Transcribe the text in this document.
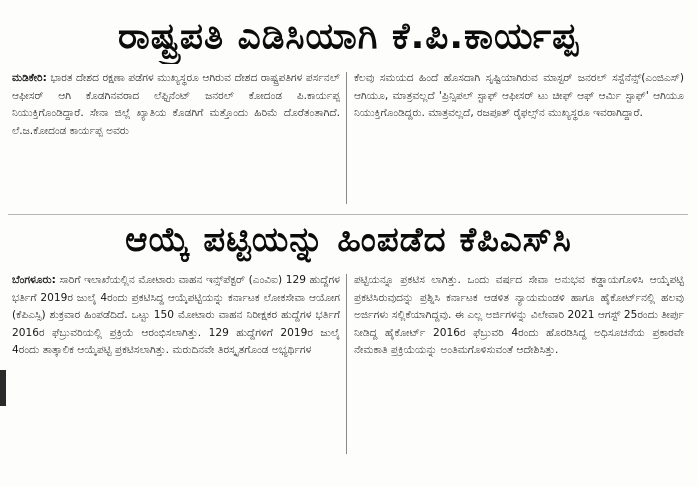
ರಾಷ್ಟ್ರಪತಿ ಎಡಿಸಿಯಾಗಿ ಕೆ.ಪಿ.ಕಾರ್ಯಪ್ಪ

ಮಡಿಕೇರಿ: ಭಾರತ ದೇಶದ ರಕ್ಷಣಾ ಪಡೆಗಳ ಮುಖ್ಯಸ್ಥರೂ ಆಗಿರುವ ದೇಶದ ರಾಷ್ಟ್ರಪತಿಗಳ ಪರ್ಸನಲ್ ಆಫೀಸರ್ ಆಗಿ ಕೊಡಗಿನವರಾದ ಲೆಫ್ಟಿನೆಂಟ್ ಜನರಲ್ ಕೋದಂಡ ಪಿ.ಕಾರ್ಯಪ್ಪ ನಿಯುಕ್ತಿಗೊಂಡಿದ್ದಾರೆ. ಸೇನಾ ಜಿಲ್ಲೆ ಖ್ಯಾತಿಯ ಕೊಡಗಿಗೆ ಮತ್ತೊಂದು ಹಿರಿಮೆ ದೊರೆತಂತಾಗಿದೆ. ಲೆ.ಜ.ಕೋದಂಡ ಕಾರ್ಯಪ್ಪ ಅವರು

ಕೆಲವು ಸಮಯದ ಹಿಂದೆ ಹೊಸದಾಗಿ ಸೃಷ್ಟಿಯಾಗಿರುವ ಮಾಸ್ಟರ್ ಜನರಲ್ ಸಸ್ಟೆನೆನ್ಸ್(ಎಂಜಿಎಸ್) ಆಗಿಯೂ, ಮಾತ್ರವಲ್ಲದೆ 'ಪ್ರಿನ್ಸಿಪಲ್ ಸ್ಟಾಫ್ ಆಫೀಸರ್ ಟು ಚೀಫ್ ಆಫ್ ಆರ್ಮಿ ಸ್ಟಾಫ್' ಆಗಿಯೂ ನಿಯುಕ್ತಿಗೊಂಡಿದ್ದರು. ಮಾತ್ರವಲ್ಲದೆ, ರಜಪೂತ್ ರೈಫಲ್ಸ್‌ನ ಮುಖ್ಯಸ್ಥರೂ ಇವರಾಗಿದ್ದಾರೆ.

ಆಯ್ಕೆ ಪಟ್ಟಿಯನ್ನು ಹಿಂಪಡೆದ ಕೆಪಿಎಸ್‌ಸಿ

ಬೆಂಗಳೂರು: ಸಾರಿಗೆ ಇಲಾಖೆಯಲ್ಲಿನ ಮೋಟಾರು ವಾಹನ ಇನ್ಸ್‌ಪೆಕ್ಟರ್ (ಎಂವಿಐ) 129 ಹುದ್ದೆಗಳ ಭರ್ತಿಗೆ 2019ರ ಜುಲೈ 4ರಂದು ಪ್ರಕಟಿಸಿದ್ದ ಆಯ್ಕೆಪಟ್ಟಿಯನ್ನು ಕರ್ನಾಟಕ ಲೋಕಸೇವಾ ಆಯೋಗ (ಕೆಪಿಎಸ್ಸಿ) ಶುಕ್ರವಾರ ಹಿಂಪಡೆದಿದೆ. ಒಟ್ಟು 150 ಮೋಟಾರು ವಾಹನ ನಿರೀಕ್ಷಕರ ಹುದ್ದೆಗಳ ಭರ್ತಿಗೆ 2016ರ ಫೆಬ್ರುವರಿಯಲ್ಲಿ ಪ್ರಕ್ರಿಯೆ ಆರಂಭಿಸಲಾಗಿತ್ತು. 129 ಹುದ್ದೆಗಳಿಗೆ 2019ರ ಜುಲೈ 4ರಂದು ತಾತ್ಕಾಲಿಕ ಆಯ್ಕೆಪಟ್ಟಿ ಪ್ರಕಟಿಸಲಾಗಿತ್ತು. ಮರುದಿನವೇ ತಿರಸ್ಕೃತಗೊಂಡ ಅಭ್ಯರ್ಥಿಗಳ

ಪಟ್ಟಿಯನ್ನೂ ಪ್ರಕಟಿಸ ಲಾಗಿತ್ತು. ಒಂದು ವರ್ಷದ ಸೇವಾ ಅನುಭವ ಕಡ್ಡಾಯಗೊಳಿಸಿ ಆಯ್ಕೆಪಟ್ಟಿ ಪ್ರಕಟಿಸಿರುವುದನ್ನು ಪ್ರಶ್ನಿಸಿ ಕರ್ನಾಟಕ ಆಡಳಿತ ನ್ಯಾಯಮಂಡಳಿ ಹಾಗೂ ಹೈಕೋರ್ಟ್‌ನಲ್ಲಿ ಹಲವು ಅರ್ಜಿಗಳು ಸಲ್ಲಿಕೆಯಾಗಿದ್ದವು. ಈ ಎಲ್ಲ ಅರ್ಜಿಗಳನ್ನು ವಿಲೇವಾರಿ 2021 ಆಗಸ್ಟ್ 25ರಂದು ತೀರ್ಪು ನೀಡಿದ್ದ ಹೈಕೋರ್ಟ್ 2016ರ ಫೆಬ್ರುವರಿ 4ರಂದು ಹೊರಡಿಸಿದ್ದ ಅಧಿಸೂಚನೆಯ ಪ್ರಕಾರವೇ ನೇಮಕಾತಿ ಪ್ರಕ್ರಿಯೆಯನ್ನು ಅಂತಿಮಗೊಳಿಸುವಂತೆ ಆದೇಶಿಸಿತ್ತು.
